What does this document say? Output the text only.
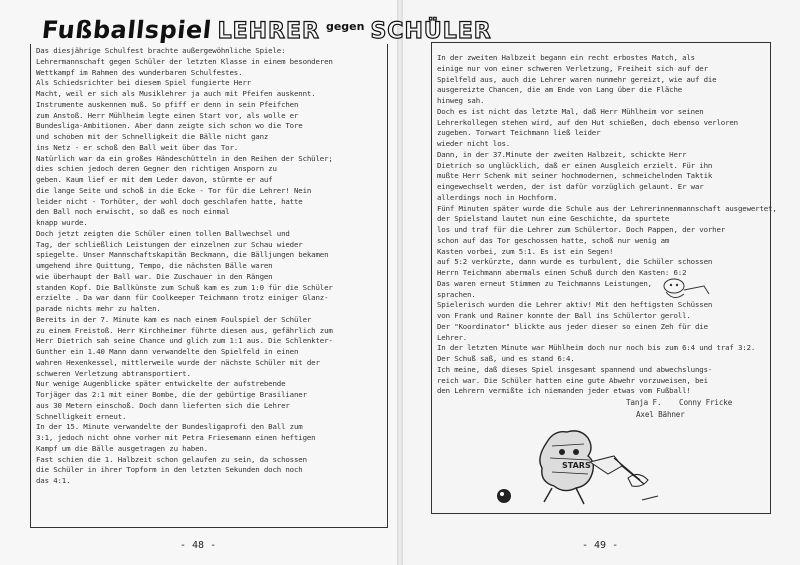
Fußballspiel LEHRER gegen SCHÜLER
Das diesjährige Schulfest brachte außergewöhnliche Spiele:
Lehrermannschaft gegen Schüler der letzten Klasse in einem besonderen
Wettkampf im Rahmen des wunderbaren Schulfestes.
Als Schiedsrichter bei diesem Spiel fungierte Herr
Macht, weil er sich als Musiklehrer ja auch mit Pfeifen auskennt.
Instrumente auskennen muß. So pfiff er denn in sein Pfeifchen
zum Anstoß. Herr Mühlheim legte einen Start vor, als wolle er
Bundesliga-Ambitionen. Aber dann zeigte sich schon wo die Tore
und schoben mit der Schnelligkeit die Bälle nicht ganz
ins Netz - er schoß den Ball weit über das Tor.
Natürlich war da ein großes Händeschütteln in den Reihen der Schüler;
dies schien jedoch deren Gegner den richtigen Ansporn zu
geben. Kaum lief er mit dem Leder davon, stürmte er auf
die lange Seite und schoß in die Ecke - Tor für die Lehrer! Nein
leider nicht - Torhüter, der wohl doch geschlafen hatte, hatte
den Ball noch erwischt, so daß es noch einmal
knapp wurde.
Doch jetzt zeigten die Schüler einen tollen Ballwechsel und
Tag, der schließlich Leistungen der einzelnen zur Schau wieder
spiegelte. Unser Mannschaftskapitän Beckmann, die Bälljungen bekamen
umgehend ihre Quittung, Tempo, die nächsten Bälle waren
wie überhaupt der Ball war. Die Zuschauer in den Rängen
standen Kopf. Die Ballkünste zum Schuß kam es zum 1:0 für die Schüler
erzielte . Da war dann für Coolkeeper Teichmann trotz einiger Glanz-
parade nichts mehr zu halten.
Bereits in der 7. Minute kam es nach einem Foulspiel der Schüler
zu einem Freistoß. Herr Kirchheimer führte diesen aus, gefährlich zum
Herr Dietrich sah seine Chance und glich zum 1:1 aus. Die Schlenkter-
Gunther ein 1.40 Mann dann verwandelte den Spielfeld in einen
wahren Hexenkessel, mittlerweile wurde der nächste Schüler mit der
schweren Verletzung abtransportiert.
Nur wenige Augenblicke später entwickelte der aufstrebende
Torjäger das 2:1 mit einer Bombe, die der gebürtige Brasilianer
aus 30 Metern einschoß. Doch dann lieferten sich die Lehrer
Schnelligkeit erneut.
In der 15. Minute verwandelte der Bundesligaprofi den Ball zum
3:1, jedoch nicht ohne vorher mit Petra Friesemann einen heftigen
Kampf um die Bälle ausgetragen zu haben.
Fast schien die 1. Halbzeit schon gelaufen zu sein, da schossen
die Schüler in ihrer Topform in den letzten Sekunden doch noch
das 4:1.
In der zweiten Halbzeit begann ein recht erbostes Match, als
einige nur von einer schweren Verletzung, Freiheit sich auf der
Spielfeld aus, auch die Lehrer waren nunmehr gereizt, wie auf die
ausgereizte Chancen, die am Ende von Lang über die Fläche
hinweg sah.
Doch es ist nicht das letzte Mal, daß Herr Mühlheim vor seinen
Lehrerkollegen stehen wird, auf den Hut schießen, doch ebenso verloren
zugeben. Torwart Teichmann ließ leider
wieder nicht los.
Dann, in der 37.Minute der zweiten Halbzeit, schickte Herr
Dietrich so unglücklich, daß er einen Ausgleich erzielt. Für ihn
mußte Herr Schenk mit seiner hochmodernen, schmeichelnden Taktik
eingewechselt werden, der ist dafür vorzüglich gelaunt. Er war
allerdings noch in Hochform.
Fünf Minuten später wurde die Schule aus der Lehrerinnenmannschaft ausgewertet,
der Spielstand lautet nun eine Geschichte, da spurtete
los und traf für die Lehrer zum Schülertor. Doch Pappen, der vorher
schon auf das Tor geschossen hatte, schoß nur wenig am
Kasten vorbei, zum 5:1. Es ist ein Segen!
auf 5:2 verkürzte, dann wurde es turbulent, die Schüler schossen
Herrn Teichmann abermals einen Schuß durch den Kasten: 6:2
Das waren erneut Stimmen zu Teichmanns Leistungen,
sprachen.
Spielerisch wurden die Lehrer aktiv! Mit den heftigsten Schüssen
von Frank und Rainer konnte der Ball ins Schülertor geroll.
Der "Koordinator" blickte aus jeder dieser so einen Zeh für die
Lehrer.
In der letzten Minute war Mühlheim doch nur noch bis zum 6:4 und traf 3:2.
Der Schuß saß, und es stand 6:4.
Ich meine, daß dieses Spiel insgesamt spannend und abwechslungs-
reich war. Die Schüler hatten eine gute Abwehr vorzuweisen, bei
den Lehrern vermißte ich niemanden jeder etwas vom Fußball!
Tanja F.    Conny Fricke
Axel Bähner
STARS
- 48 -	- 49 -
